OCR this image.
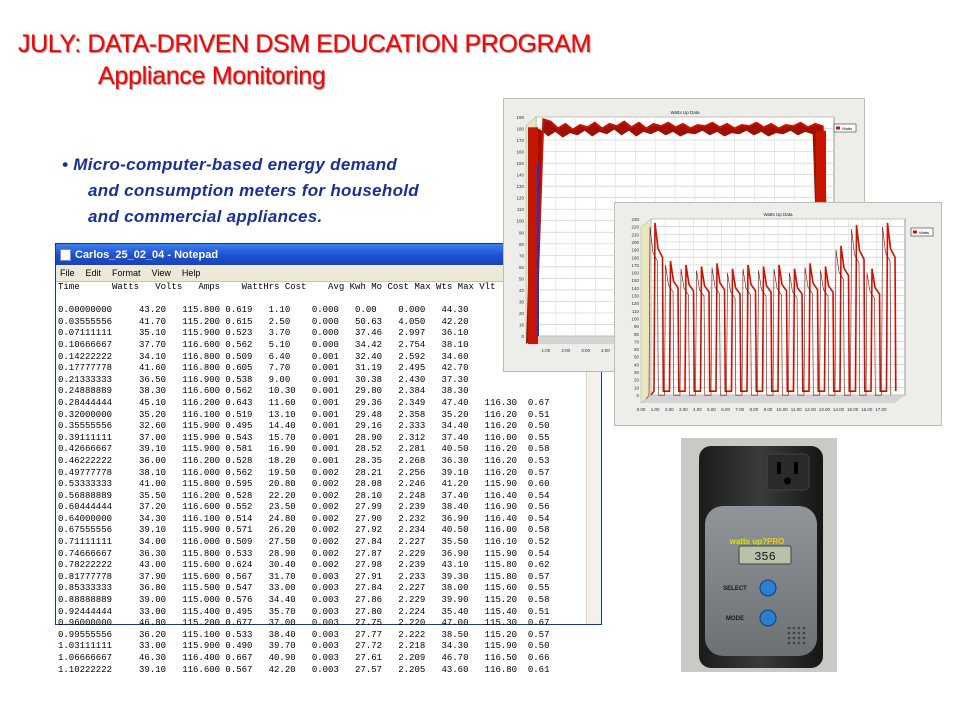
JULY: DATA-DRIVEN DSM EDUCATION PROGRAM
Appliance Monitoring
• Micro-computer-based energy demand
and consumption meters for household
and commercial appliances.
Carlos_25_02_04 - Notepad
File Edit Format View Help
Time      Watts   Volts   Amps    WattHrs Cost    Avg Kwh Mo Cost Max Wts Max Vlt

0.00000000     43.20   115.800 0.619   1.10    0.000   0.00    0.000   44.30
0.03555556     41.70   115.200 0.615   2.50    0.000   50.63   4.050   42.20
0.07111111     35.10   115.900 0.523   3.70    0.000   37.46   2.997   36.10
0.10666667     37.70   116.600 0.562   5.10    0.000   34.42   2.754   38.10
0.14222222     34.10   116.800 0.509   6.40    0.001   32.40   2.592   34.60
0.17777778     41.60   116.800 0.605   7.70    0.001   31.19   2.495   42.70
0.21333333     36.50   116.900 0.538   9.00    0.001   30.38   2.430   37.30
0.24888889     38.30   116.600 0.562   10.30   0.001   29.80   2.384   38.30
0.28444444     45.10   116.200 0.643   11.60   0.001   29.36   2.349   47.40   116.30  0.67
0.32000000     35.20   116.100 0.519   13.10   0.001   29.48   2.358   35.20   116.20  0.51
0.35555556     32.60   115.900 0.495   14.40   0.001   29.16   2.333   34.40   116.20  0.50
0.39111111     37.00   115.900 0.543   15.70   0.001   28.90   2.312   37.40   116.00  0.55
0.42666667     39.10   115.900 0.581   16.90   0.001   28.52   2.281   40.50   116.20  0.58
0.46222222     36.00   116.200 0.528   18.20   0.001   28.35   2.268   36.30   116.20  0.53
0.49777778     38.10   116.000 0.562   19.50   0.002   28.21   2.256   39.10   116.20  0.57
0.53333333     41.00   115.800 0.595   20.80   0.002   28.08   2.246   41.20   115.90  0.60
0.56888889     35.50   116.200 0.528   22.20   0.002   28.10   2.248   37.40   116.40  0.54
0.60444444     37.20   116.600 0.552   23.50   0.002   27.99   2.239   38.40   116.90  0.56
0.64000000     34.30   116.100 0.514   24.80   0.002   27.90   2.232   36.90   116.40  0.54
0.67555556     39.10   115.900 0.571   26.20   0.002   27.92   2.234   40.50   116.00  0.58
0.71111111     34.00   116.000 0.509   27.50   0.002   27.84   2.227   35.50   116.10  0.52
0.74666667     36.30   115.800 0.533   28.90   0.002   27.87   2.229   36.90   115.90  0.54
0.78222222     43.00   115.600 0.624   30.40   0.002   27.98   2.239   43.10   115.80  0.62
0.81777778     37.90   115.600 0.567   31.70   0.003   27.91   2.233   39.30   115.80  0.57
0.85333333     36.80   115.500 0.547   33.00   0.003   27.84   2.227   38.00   115.60  0.55
0.88888889     39.00   115.000 0.576   34.40   0.003   27.86   2.229   39.90   115.20  0.58
0.92444444     33.00   115.400 0.495   35.70   0.003   27.80   2.224   35.40   115.40  0.51
0.96000000     46.80   115.200 0.677   37.00   0.003   27.75   2.220   47.00   115.30  0.67
0.99555556     36.20   115.100 0.533   38.40   0.003   27.77   2.222   38.50   115.20  0.57
1.03111111     33.00   115.900 0.490   39.70   0.003   27.72   2.218   34.30   115.90  0.50
1.06666667     46.30   116.400 0.667   40.90   0.003   27.61   2.209   46.70   116.50  0.66
1.10222222     39.10   116.600 0.567   42.20   0.003   27.57   2.205   43.60   116.80  0.61
0
10
20
30
40
50
60
70
80
90
100
110
120
130
140
150
160
170
180
190
1:00 2:00 3:00 4:00
Watts Up Data
Watts
0
10
20
30
40
50
60
70
80
90
100
110
120
130
140
150
160
170
180
190
200
210
220
230
0.00 1.00 2.00 3.00 4.00 5.00 6.00 7.00 8.00 9.00 10.00 11.00 12.00 13.00 14.00 15.00 16.00 17.00
Watts Up Data
Watts
watts up?PRO
356
SELECT
MODE
